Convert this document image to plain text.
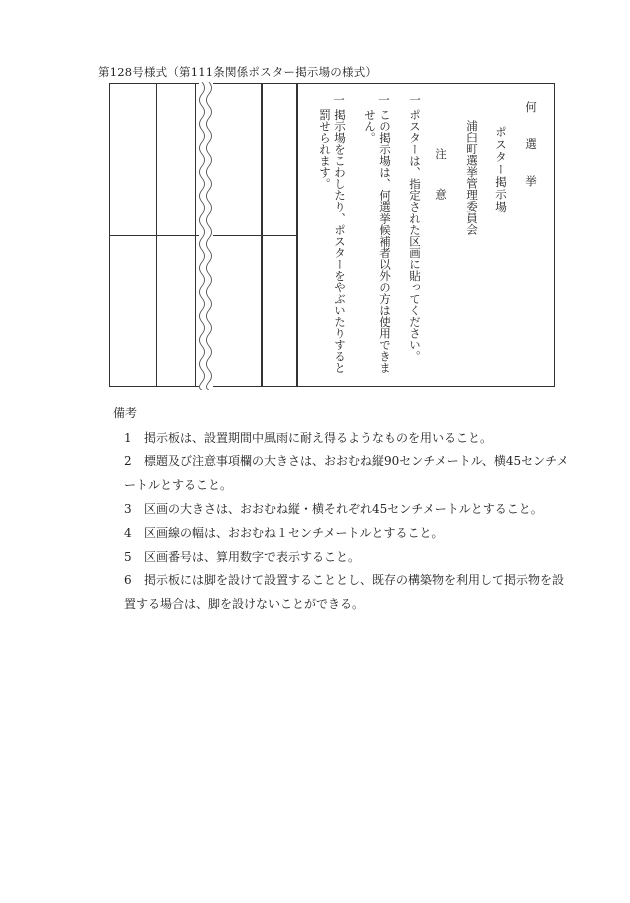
第128号様式（第111条関係ポスター掲示場の様式）
何　選　挙
ポスター掲示場
浦臼町選挙管理委員会
注　　意
一
ポスターは、指定された区画に貼ってください。
一
この掲示場は、何選挙候補者以外の方は使用できません。
一
掲示場をこわしたり、ポスターをやぶいたりすると罰せられます。
備考
1 掲示板は、設置期間中風雨に耐え得るようなものを用いること。
2 標題及び注意事項欄の大きさは、おおむね縦90センチメートル、横45センチメートルとすること。
3 区画の大きさは、おおむね縦・横それぞれ45センチメートルとすること。
4 区画線の幅は、おおむね１センチメートルとすること。
5 区画番号は、算用数字で表示すること。
6 掲示板には脚を設けて設置することとし、既存の構築物を利用して掲示物を設置する場合は、脚を設けないことができる。
